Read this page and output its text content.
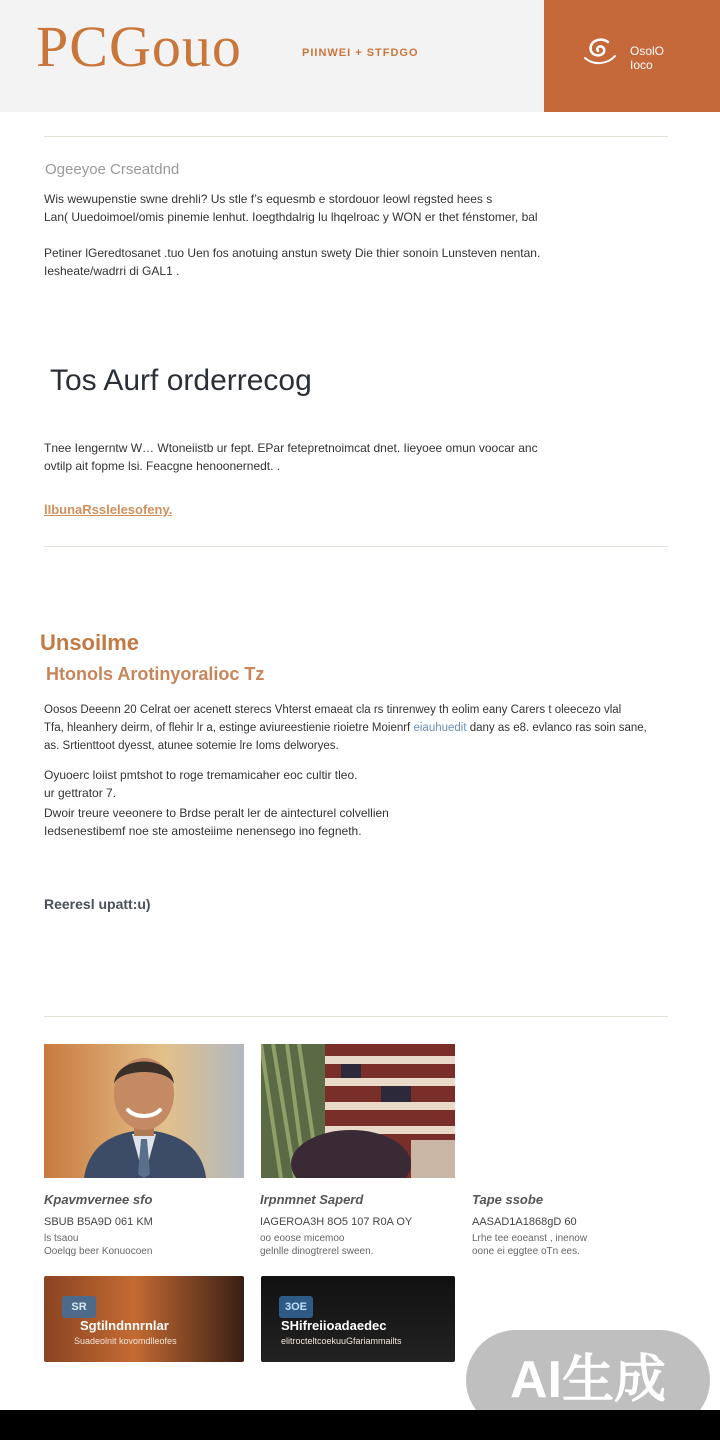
PCGouo	PIINWEI + STFDGO	OsolO
Ioco
Ogeeyoe Crseatdnd
Wis wewupenstie swne drehli? Us stle f’s equesmb e stordouor leowl regsted hees s
Lan( Uuedoimoel/omis pinemie lenhut. Ioegthdalrig lu lhqelroac y WON er thet fénstomer, bal
Petiner lGeredtosanet .tuo Uen fos anotuing anstun swety Die thier sonoin Lunsteven nentan.
Iesheate/wadrri di GAL1 .
Tos Aurf orderrecog
Tnee Iengerntw W… Wtoneiistb ur fept. EPar fetepretnoimcat dnet. Iieyoee omun voocar anc
ovtilp ait fopme lsi. Feacgne henoonernedt. .
lIbunaRsslelesofeny.
UnsoiIme
Htonols Arotinyoralioc Tz
Oosos Deeenn 20 Celrat oer acenett sterecs Vhterst emaeat cla rs tinrenwey th eolim eany Carers t oleecezo vlal
Tfa, hleanhery deirm, of flehir lr a, estinge aviureestienie rioietre Moienrf eiauhuedit dany as e8. evlanco ras soin sane,
as. Srtienttoot dyesst, atunee sotemie lre Ioms delworyes.
Oyuoerc loiist pmtshot to roge tremamicaher eoc cultir tleo.
ur gettrator 7.
Dwoir treure veeonere to Brdse peralt ler de aintecturel colvellien
Iedsenestibemf noe ste amosteiime nenensego ino fegneth.
Reeresl upatt:u)
Kpavmvernee sfo
SBUB B5A9D 061 KM
ls tsaou
Ooelqg beer Konuocoen
Irpnmnet Saperd
IAGEROA3H 8O5 107 R0A OY
oo eoose micemoo
gelnlle dinogtrerel sween.
Tape ssobe
AASAD1A1868gD 60
Lrhe tee eoeanst , inenow
oone ei eggtee oTn ees.
SR
Sgtilndnnrnlar
Suadeolnit kovomdlleofes
3OE
SHifreiioadaedec
elitrocteltcoekuuGfariammailts
AI生成
